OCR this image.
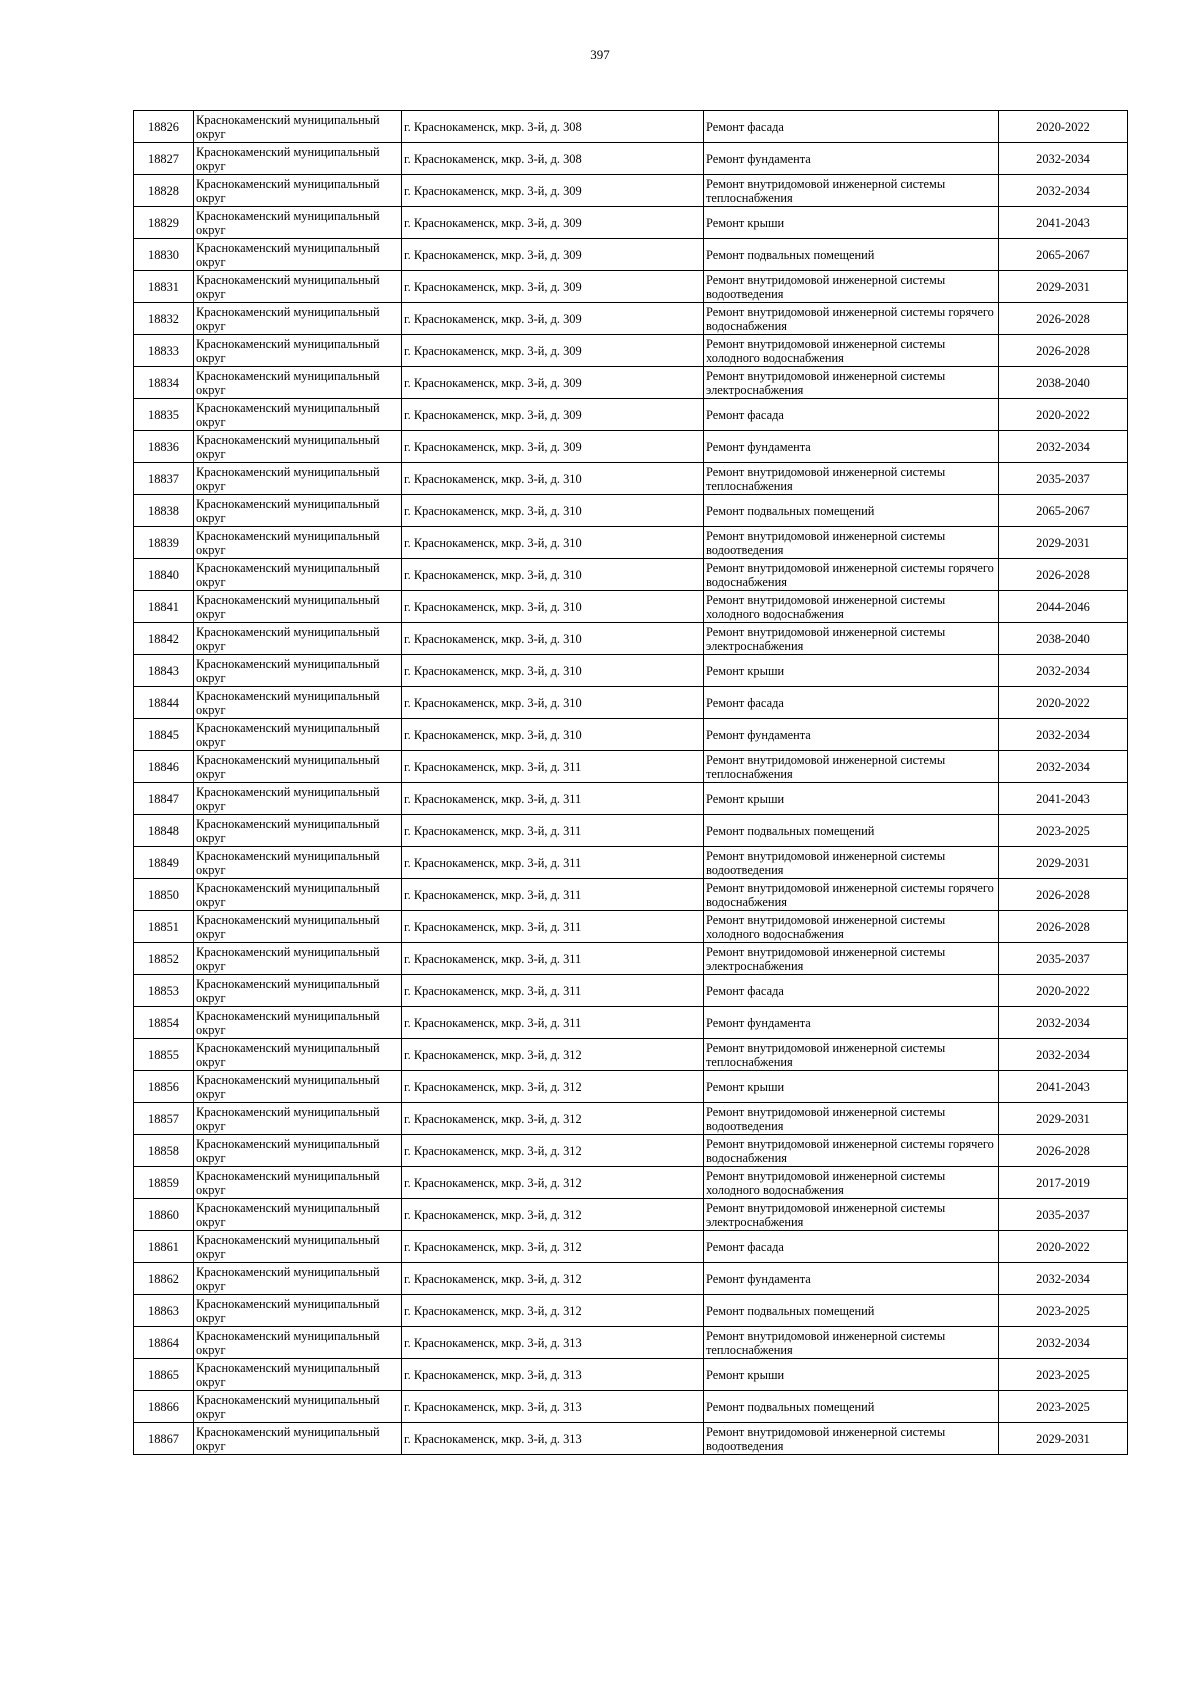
397
18826	Краснокаменский муниципальный округ	г. Краснокаменск, мкр. 3-й, д. 308	Ремонт фасада	2020-2022
18827	Краснокаменский муниципальный округ	г. Краснокаменск, мкр. 3-й, д. 308	Ремонт фундамента	2032-2034
18828	Краснокаменский муниципальный округ	г. Краснокаменск, мкр. 3-й, д. 309	Ремонт внутридомовой инженерной системы теплоснабжения	2032-2034
18829	Краснокаменский муниципальный округ	г. Краснокаменск, мкр. 3-й, д. 309	Ремонт крыши	2041-2043
18830	Краснокаменский муниципальный округ	г. Краснокаменск, мкр. 3-й, д. 309	Ремонт подвальных помещений	2065-2067
18831	Краснокаменский муниципальный округ	г. Краснокаменск, мкр. 3-й, д. 309	Ремонт внутридомовой инженерной системы водоотведения	2029-2031
18832	Краснокаменский муниципальный округ	г. Краснокаменск, мкр. 3-й, д. 309	Ремонт внутридомовой инженерной системы горячего водоснабжения	2026-2028
18833	Краснокаменский муниципальный округ	г. Краснокаменск, мкр. 3-й, д. 309	Ремонт внутридомовой инженерной системы холодного водоснабжения	2026-2028
18834	Краснокаменский муниципальный округ	г. Краснокаменск, мкр. 3-й, д. 309	Ремонт внутридомовой инженерной системы электроснабжения	2038-2040
18835	Краснокаменский муниципальный округ	г. Краснокаменск, мкр. 3-й, д. 309	Ремонт фасада	2020-2022
18836	Краснокаменский муниципальный округ	г. Краснокаменск, мкр. 3-й, д. 309	Ремонт фундамента	2032-2034
18837	Краснокаменский муниципальный округ	г. Краснокаменск, мкр. 3-й, д. 310	Ремонт внутридомовой инженерной системы теплоснабжения	2035-2037
18838	Краснокаменский муниципальный округ	г. Краснокаменск, мкр. 3-й, д. 310	Ремонт подвальных помещений	2065-2067
18839	Краснокаменский муниципальный округ	г. Краснокаменск, мкр. 3-й, д. 310	Ремонт внутридомовой инженерной системы водоотведения	2029-2031
18840	Краснокаменский муниципальный округ	г. Краснокаменск, мкр. 3-й, д. 310	Ремонт внутридомовой инженерной системы горячего водоснабжения	2026-2028
18841	Краснокаменский муниципальный округ	г. Краснокаменск, мкр. 3-й, д. 310	Ремонт внутридомовой инженерной системы холодного водоснабжения	2044-2046
18842	Краснокаменский муниципальный округ	г. Краснокаменск, мкр. 3-й, д. 310	Ремонт внутридомовой инженерной системы электроснабжения	2038-2040
18843	Краснокаменский муниципальный округ	г. Краснокаменск, мкр. 3-й, д. 310	Ремонт крыши	2032-2034
18844	Краснокаменский муниципальный округ	г. Краснокаменск, мкр. 3-й, д. 310	Ремонт фасада	2020-2022
18845	Краснокаменский муниципальный округ	г. Краснокаменск, мкр. 3-й, д. 310	Ремонт фундамента	2032-2034
18846	Краснокаменский муниципальный округ	г. Краснокаменск, мкр. 3-й, д. 311	Ремонт внутридомовой инженерной системы теплоснабжения	2032-2034
18847	Краснокаменский муниципальный округ	г. Краснокаменск, мкр. 3-й, д. 311	Ремонт крыши	2041-2043
18848	Краснокаменский муниципальный округ	г. Краснокаменск, мкр. 3-й, д. 311	Ремонт подвальных помещений	2023-2025
18849	Краснокаменский муниципальный округ	г. Краснокаменск, мкр. 3-й, д. 311	Ремонт внутридомовой инженерной системы водоотведения	2029-2031
18850	Краснокаменский муниципальный округ	г. Краснокаменск, мкр. 3-й, д. 311	Ремонт внутридомовой инженерной системы горячего водоснабжения	2026-2028
18851	Краснокаменский муниципальный округ	г. Краснокаменск, мкр. 3-й, д. 311	Ремонт внутридомовой инженерной системы холодного водоснабжения	2026-2028
18852	Краснокаменский муниципальный округ	г. Краснокаменск, мкр. 3-й, д. 311	Ремонт внутридомовой инженерной системы электроснабжения	2035-2037
18853	Краснокаменский муниципальный округ	г. Краснокаменск, мкр. 3-й, д. 311	Ремонт фасада	2020-2022
18854	Краснокаменский муниципальный округ	г. Краснокаменск, мкр. 3-й, д. 311	Ремонт фундамента	2032-2034
18855	Краснокаменский муниципальный округ	г. Краснокаменск, мкр. 3-й, д. 312	Ремонт внутридомовой инженерной системы теплоснабжения	2032-2034
18856	Краснокаменский муниципальный округ	г. Краснокаменск, мкр. 3-й, д. 312	Ремонт крыши	2041-2043
18857	Краснокаменский муниципальный округ	г. Краснокаменск, мкр. 3-й, д. 312	Ремонт внутридомовой инженерной системы водоотведения	2029-2031
18858	Краснокаменский муниципальный округ	г. Краснокаменск, мкр. 3-й, д. 312	Ремонт внутридомовой инженерной системы горячего водоснабжения	2026-2028
18859	Краснокаменский муниципальный округ	г. Краснокаменск, мкр. 3-й, д. 312	Ремонт внутридомовой инженерной системы холодного водоснабжения	2017-2019
18860	Краснокаменский муниципальный округ	г. Краснокаменск, мкр. 3-й, д. 312	Ремонт внутридомовой инженерной системы электроснабжения	2035-2037
18861	Краснокаменский муниципальный округ	г. Краснокаменск, мкр. 3-й, д. 312	Ремонт фасада	2020-2022
18862	Краснокаменский муниципальный округ	г. Краснокаменск, мкр. 3-й, д. 312	Ремонт фундамента	2032-2034
18863	Краснокаменский муниципальный округ	г. Краснокаменск, мкр. 3-й, д. 312	Ремонт подвальных помещений	2023-2025
18864	Краснокаменский муниципальный округ	г. Краснокаменск, мкр. 3-й, д. 313	Ремонт внутридомовой инженерной системы теплоснабжения	2032-2034
18865	Краснокаменский муниципальный округ	г. Краснокаменск, мкр. 3-й, д. 313	Ремонт крыши	2023-2025
18866	Краснокаменский муниципальный округ	г. Краснокаменск, мкр. 3-й, д. 313	Ремонт подвальных помещений	2023-2025
18867	Краснокаменский муниципальный округ	г. Краснокаменск, мкр. 3-й, д. 313	Ремонт внутридомовой инженерной системы водоотведения	2029-2031
